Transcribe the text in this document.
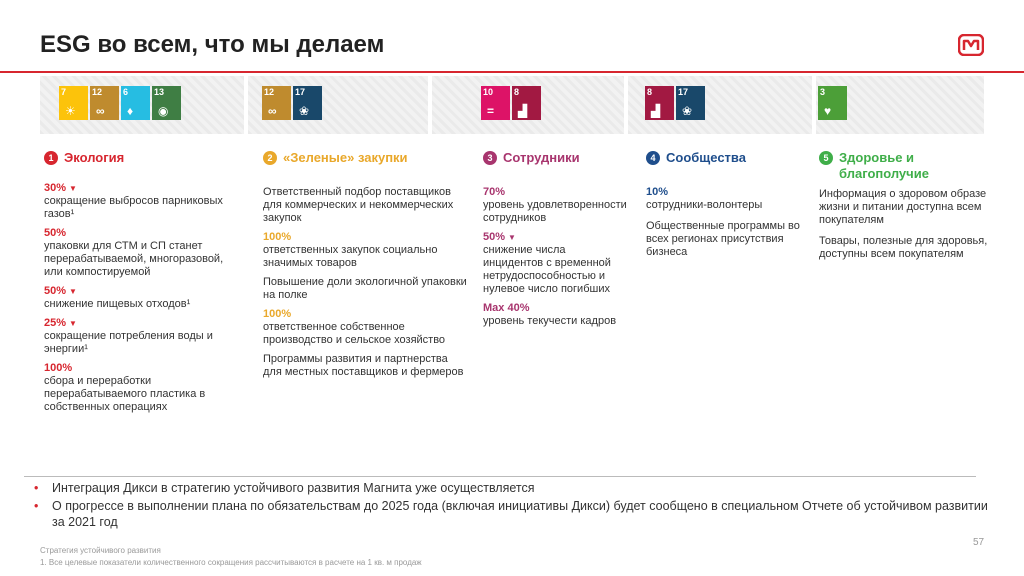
ESG во всем, что мы делаем
7
☀
12
∞
6
♦
13
◉
12
∞
17
❀
10
=
8
▟
8
▟
17
❀
3
♥
1 Экология
30% ▼
сокращение выбросов парниковых газов¹
50%
упаковки для СТМ и СП станет перерабатываемой, многоразовой, или компостируемой
50% ▼
снижение пищевых отходов¹
25% ▼
сокращение потребления воды и энергии¹
100%
сбора и переработки перерабатываемого пластика в собственных операциях
2 «Зеленые» закупки
Ответственный подбор поставщиков для коммерческих и некоммерческих закупок
100%
ответственных закупок социально значимых товаров
Повышение доли экологичной упаковки на полке
100%
ответственное собственное производство и сельское хозяйство
Программы развития и партнерства для местных поставщиков и фермеров
3 Сотрудники
70%
уровень удовлетворенности сотрудников
50% ▼
снижение числа инцидентов с временной нетрудоспособностью и нулевое число погибших
Max 40%
уровень текучести кадров
4 Сообщества
10%
сотрудники-волонтеры
Общественные программы во всех регионах присутствия бизнеса
5 Здоровье и благополучие
Информация о здоровом образе жизни и питании доступна всем покупателям
Товары, полезные для здоровья, доступны всем покупателям
• Интеграция Дикси в стратегию устойчивого развития Магнита уже осуществляется
• О прогрессе в выполнении плана по обязательствам до 2025 года (включая инициативы Дикси) будет сообщено в специальном Отчете об устойчивом развитии за 2021 год
57
Стратегия устойчивого развития
1. Все целевые показатели количественного сокращения рассчитываются в расчете на 1 кв. м продаж
